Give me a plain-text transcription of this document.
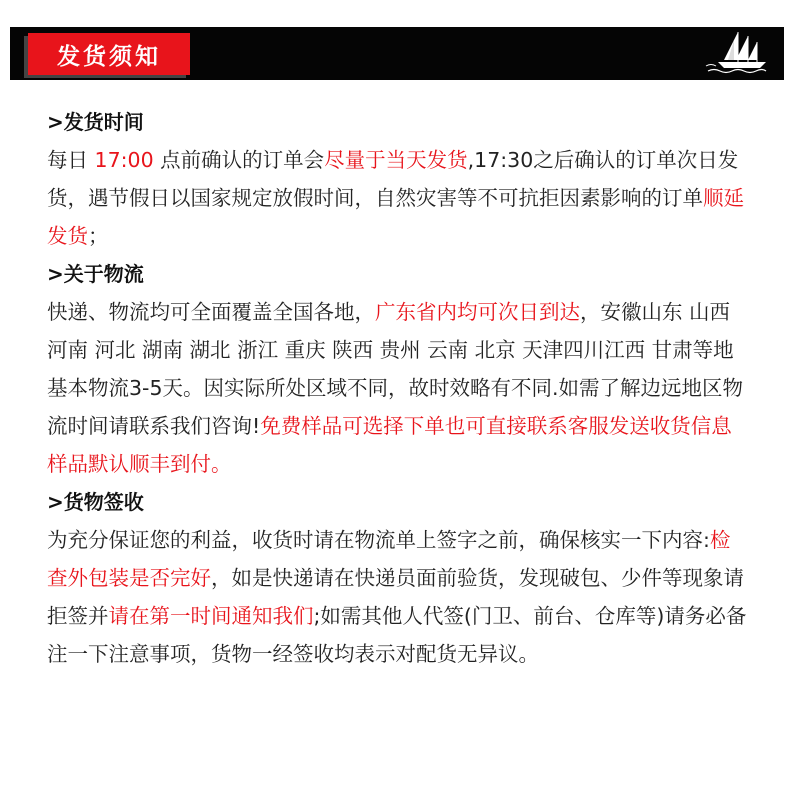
发货须知

>发货时间

每日 17:00 点前确认的订单会尽量于当天发货,17:30之后确认的订单次日发货，遇节假日以国家规定放假时间，自然灾害等不可抗拒因素影响的订单顺延发货；

>关于物流

快递、物流均可全面覆盖全国各地，广东省内均可次日到达，安徽山东 山西 河南 河北 湖南 湖北 浙江 重庆 陕西 贵州 云南 北京 天津四川江西 甘肃等地基本物流3-5天。因实际所处区域不同，故时效略有不同.如需了解边远地区物流时间请联系我们咨询!免费样品可选择下单也可直接联系客服发送收货信息样品默认顺丰到付。

>货物签收

为充分保证您的利益，收货时请在物流单上签字之前，确保核实一下内容:检查外包装是否完好，如是快递请在快递员面前验货，发现破包、少件等现象请拒签并请在第一时间通知我们;如需其他人代签(门卫、前台、仓库等)请务必备注一下注意事项，货物一经签收均表示对配货无异议。
